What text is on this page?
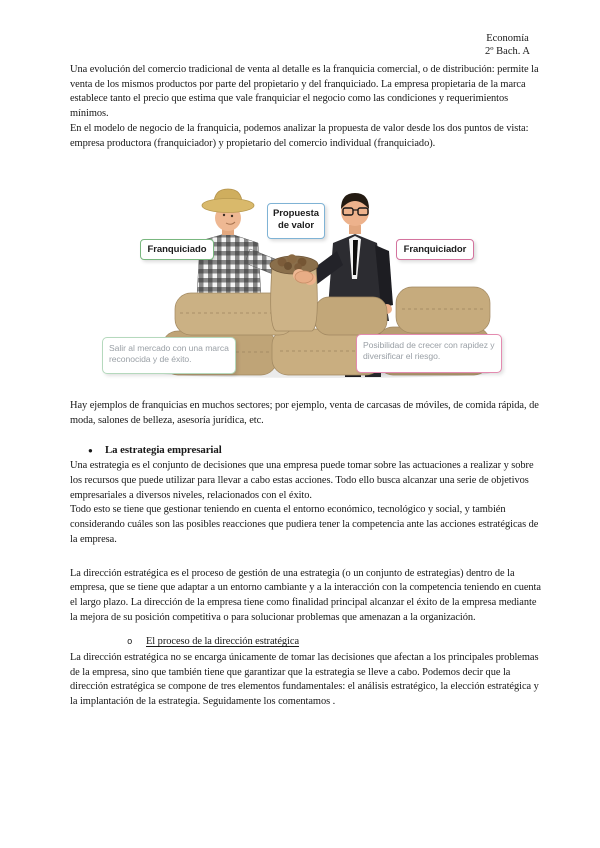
Economía
2º Bach. A

Una evolución del comercio tradicional de venta al detalle es la franquicia comercial, o de distribución: permite la venta de los mismos productos por parte del propietario y del franquiciado. La empresa propietaria de la marca establece tanto el precio que estima que vale franquiciar el negocio como las condiciones y requerimientos mínimos.

En el modelo de negocio de la franquicia, podemos analizar la propuesta de valor desde los dos puntos de vista: empresa productora (franquiciador) y propietario del comercio individual (franquiciado).

Franquiciado
Propuesta
de valor
Franquiciador
Salir al mercado con una marca reconocida y de éxito.
Posibilidad de crecer con rapidez y diversificar el riesgo.

Hay ejemplos de franquicias en muchos sectores; por ejemplo, venta de carcasas de móviles, de comida rápida, de moda, salones de belleza, asesoría jurídica, etc.

●	La estrategia empresarial

Una estrategia es el conjunto de decisiones que una empresa puede tomar sobre las actuaciones a realizar y sobre los recursos que puede utilizar para llevar a cabo estas acciones. Todo ello busca alcanzar una serie de objetivos empresariales a diversos niveles, relacionados con el éxito.

Todo esto se tiene que gestionar teniendo en cuenta el entorno económico, tecnológico y social, y también considerando cuáles son las posibles reacciones que pudiera tener la competencia ante las acciones estratégicas de la empresa.

La dirección estratégica es el proceso de gestión de una estrategia (o un conjunto de estrategias) dentro de la empresa, que se tiene que adaptar a un entorno cambiante y a la interacción con la competencia teniendo en cuenta el largo plazo. La dirección de la empresa tiene como finalidad principal alcanzar el éxito de la empresa mediante la mejora de su posición competitiva o para solucionar problemas que amenazan a la organización.

o	El proceso de la dirección estratégica

La dirección estratégica no se encarga únicamente de tomar las decisiones que afectan a los principales problemas de la empresa, sino que también tiene que garantizar que la estrategia se lleve a cabo. Podemos decir que la dirección estratégica se compone de tres elementos fundamentales: el análisis estratégico, la elección estratégica y la implantación de la estrategia. Seguidamente los comentamos .
